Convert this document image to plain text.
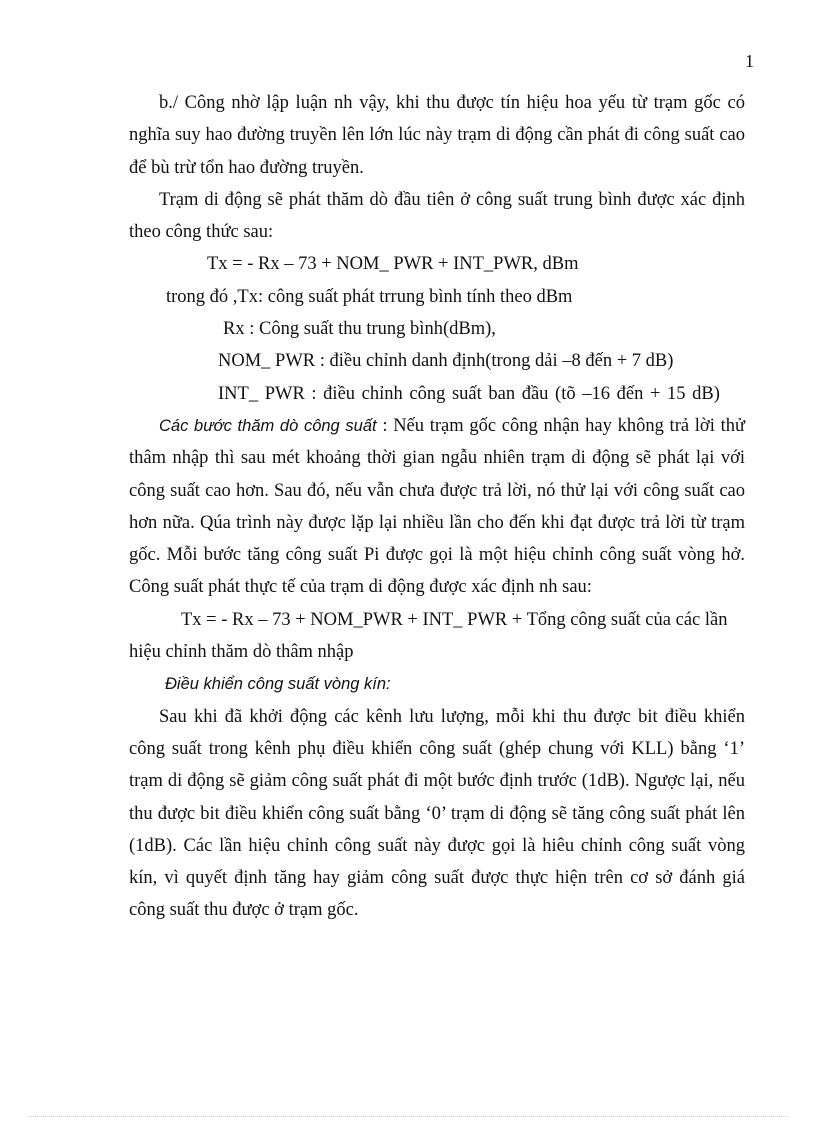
1

b./ Công nhờ lập luận nh vậy, khi thu được tín hiệu hoa yếu từ trạm gốc có nghĩa suy hao đường truyền lên lớn lúc này trạm di động cần phát đi công suất cao để bù trừ tổn hao đường truyền.

Trạm di động sẽ phát thăm dò đầu tiên ở công suất trung bình được xác định theo công thức sau:

Tx = - Rx – 73 + NOM_ PWR + INT_PWR, dBm

trong đó ,Tx: công suất phát trrung bình tính theo dBm

Rx : Công suất thu trung bình(dBm),

NOM_ PWR : điều chỉnh danh định(trong dải –8 đến + 7 dB)

INT_ PWR : điều chỉnh công suất ban đầu (tõ –16 đến + 15 dB)

Các bước thăm dò công suất : Nếu trạm gốc công nhận hay không trả lời thử thâm nhập thì sau mét khoảng thời gian ngẫu nhiên trạm di động sẽ phát lại với công suất cao hơn. Sau đó, nếu vẫn chưa được trả lời, nó thử lại với công suất cao hơn nữa. Qúa trình này được lặp lại nhiều lần cho đến khi đạt được trả lời từ trạm gốc. Mỗi bước tăng công suất Pi được gọi là một hiệu chỉnh công suất vòng hở. Công suất phát thực tế của trạm di động được xác định nh sau:

Tx = - Rx – 73 + NOM_PWR + INT_ PWR + Tổng công suất của các lần hiệu chỉnh thăm dò thâm nhập

Điều khiển công suất vòng kín:

Sau khi đã khởi động các kênh lưu lượng, mỗi khi thu được bit điều khiển công suất trong kênh phụ điều khiển công suất (ghép chung với KLL) bằng ‘1’ trạm di động sẽ giảm công suất phát đi một bước định trước (1dB). Ngược lại, nếu thu được bit điều khiển công suất bằng ‘0’ trạm di động sẽ tăng công suất phát lên (1dB). Các lần hiệu chỉnh công suất này được gọi là hiêu chỉnh công suất vòng kín, vì quyết định tăng hay giảm công suất được thực hiện trên cơ sở đánh giá công suất thu được ở trạm gốc.
